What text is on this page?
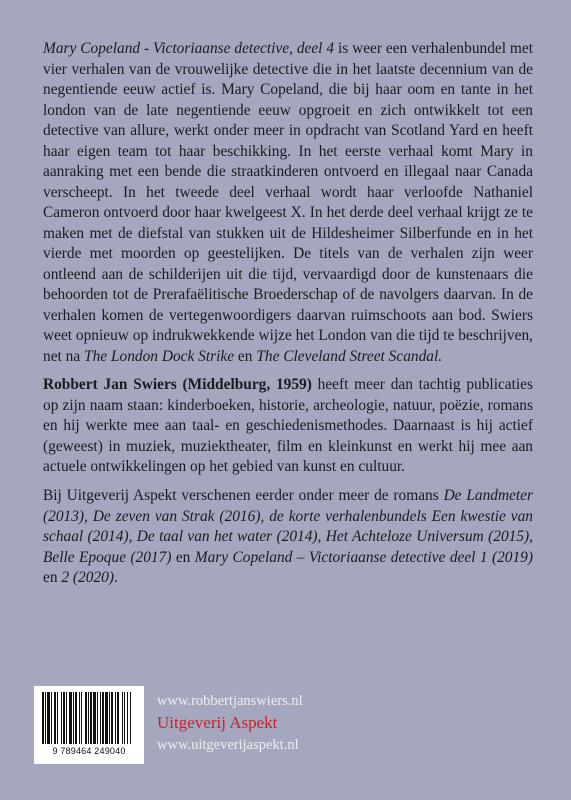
Mary Copeland - Victoriaanse detective, deel 4 is weer een verhalenbundel met vier verhalen van de vrouwelijke detective die in het laatste decennium van de negentiende eeuw actief is. Mary Copeland, die bij haar oom en tante in het london van de late negentiende eeuw opgroeit en zich ontwikkelt tot een detective van allure, werkt onder meer in opdracht van Scotland Yard en heeft haar eigen team tot haar beschikking. In het eerste verhaal komt Mary in aanraking met een bende die straatkinderen ontvoerd en illegaal naar Canada verscheept. In het tweede deel verhaal wordt haar verloofde Nathaniel Cameron ontvoerd door haar kwelgeest X. In het derde deel verhaal krijgt ze te maken met de diefstal van stukken uit de Hildesheimer Silberfunde en in het vierde met moorden op geestelijken. De titels van de verhalen zijn weer ontleend aan de schilderijen uit die tijd, vervaardigd door de kunstenaars die behoorden tot de Prerafaëlitische Broederschap of de navolgers daarvan. In de verhalen komen de vertegenwoordigers daarvan ruimschoots aan bod. Swiers weet opnieuw op indrukwekkende wijze het London van die tijd te beschrijven, net na The London Dock Strike en The Cleveland Street Scandal.

Robbert Jan Swiers (Middelburg, 1959) heeft meer dan tachtig publicaties op zijn naam staan: kinderboeken, historie, archeologie, natuur, poëzie, romans en hij werkte mee aan taal- en geschiedenismethodes. Daarnaast is hij actief (geweest) in muziek, muziektheater, film en kleinkunst en werkt hij mee aan actuele ontwikkelingen op het gebied van kunst en cultuur.

Bij Uitgeverij Aspekt verschenen eerder onder meer de romans De Landmeter (2013), De zeven van Strak (2016), de korte verhalenbundels Een kwestie van schaal (2014), De taal van het water (2014), Het Achteloze Universum (2015), Belle Epoque (2017) en Mary Copeland – Victoriaanse detective deel 1 (2019) en 2 (2020).

9 789464 249040
www.robbertjanswiers.nl
Uitgeverij Aspekt
www.uitgeverijaspekt.nl
